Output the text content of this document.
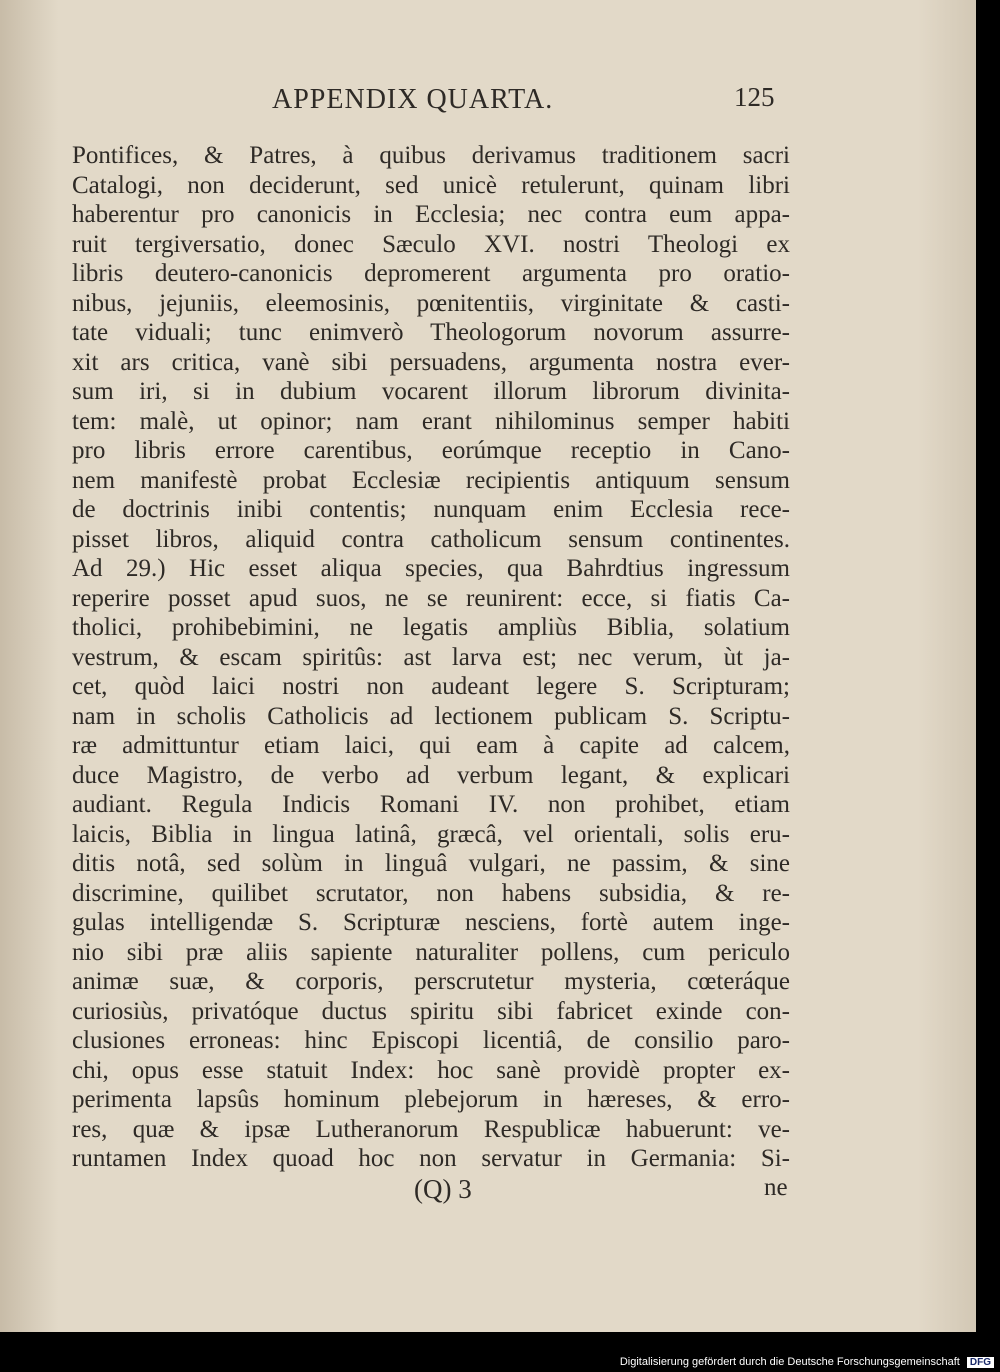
APPENDIX QUARTA.	125
Pontifices, & Patres, à quibus derivamus traditionem sacri
Catalogi, non deciderunt, sed unicè retulerunt, quinam libri
haberentur pro canonicis in Ecclesia; nec contra eum appa-
ruit tergiversatio, donec Sæculo XVI. nostri Theologi ex
libris deutero-canonicis depromerent argumenta pro oratio-
nibus, jejuniis, eleemosinis, pœnitentiis, virginitate & casti-
tate viduali; tunc enimverò Theologorum novorum assurre-
xit ars critica, vanè sibi persuadens, argumenta nostra ever-
sum iri, si in dubium vocarent illorum librorum divinita-
tem: malè, ut opinor; nam erant nihilominus semper habiti
pro libris errore carentibus, eorúmque receptio in Cano-
nem manifestè probat Ecclesiæ recipientis antiquum sensum
de doctrinis inibi contentis; nunquam enim Ecclesia rece-
pisset libros, aliquid contra catholicum sensum continentes.
Ad 29.) Hic esset aliqua species, qua Bahrdtius ingressum
reperire posset apud suos, ne se reunirent: ecce, si fiatis Ca-
tholici, prohibebimini, ne legatis ampliùs Biblia, solatium
vestrum, & escam spiritûs: ast larva est; nec verum, ùt ja-
cet, quòd laici nostri non audeant legere S. Scripturam;
nam in scholis Catholicis ad lectionem publicam S. Scriptu-
ræ admittuntur etiam laici, qui eam à capite ad calcem,
duce Magistro, de verbo ad verbum legant, & explicari
audiant. Regula Indicis Romani IV. non prohibet, etiam
laicis, Biblia in lingua latinâ, græcâ, vel orientali, solis eru-
ditis notâ, sed solùm in linguâ vulgari, ne passim, & sine
discrimine, quilibet scrutator, non habens subsidia, & re-
gulas intelligendæ S. Scripturæ nesciens, fortè autem inge-
nio sibi præ aliis sapiente naturaliter pollens, cum periculo
animæ suæ, & corporis, perscrutetur mysteria, cœteráque
curiosiùs, privatóque ductus spiritu sibi fabricet exinde con-
clusiones erroneas: hinc Episcopi licentiâ, de consilio paro-
chi, opus esse statuit Index: hoc sanè providè propter ex-
perimenta lapsûs hominum plebejorum in hæreses, & erro-
res, quæ & ipsæ Lutheranorum Respublicæ habuerunt: ve-
runtamen Index quoad hoc non servatur in Germania: Si-
(Q) 3	ne
Digitalisierung gefördert durch die Deutsche Forschungsgemeinschaft DFG
